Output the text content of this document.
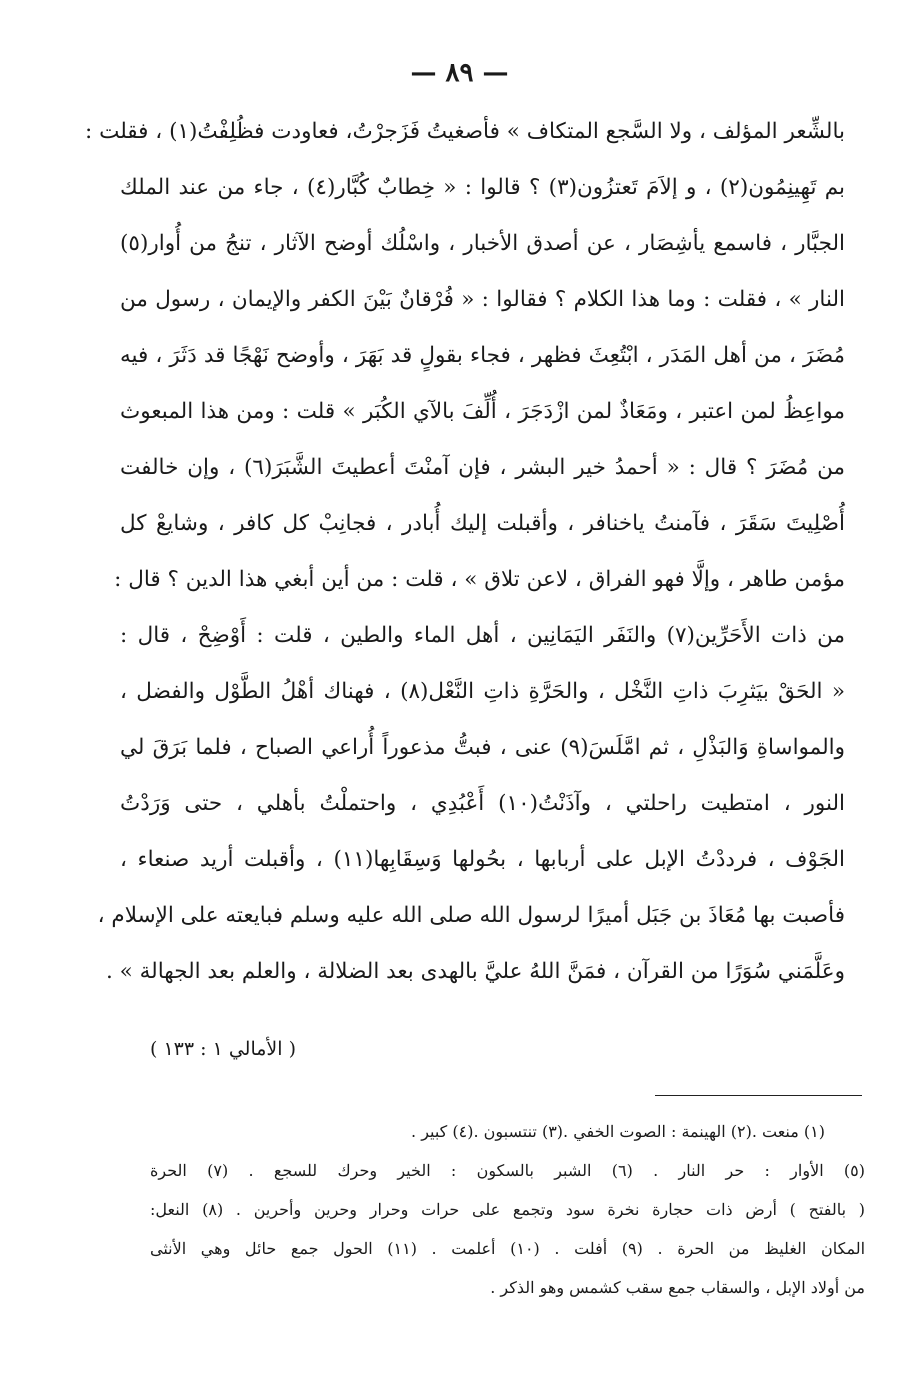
— ٨٩ —
بالشِّعر المؤلف ، ولا السَّجع المتكاف » فأصغيتُ فَزَجرْتُ، فعاودت فظُلِفْتُ(١) ، فقلت :
بم تَهِينِمُون(٢) ، و إلاَمَ تَعتزُون(٣) ؟ قالوا : « خِطابٌ كُبَّار(٤) ، جاء من عند الملك
الجبَّار ، فاسمع يأشِصَار ، عن أصدق الأخبار ، واسْلُك أوضح الآثار ، تنجُ من أُوار(٥)
النار » ، فقلت : وما هذا الكلام ؟ فقالوا : « فُرْقانٌ بَيْنَ الكفر والإيمان ، رسول من
مُضَرَ ، من أهل المَدَر ، ابْتُعِثَ فظهر ، فجاء بقولٍ قد بَهَرَ ، وأوضح نَهْجًا قد دَثَرَ ، فيه
مواعِظُ لمن اعتبر ، ومَعَاذٌ لمن ازْدَجَرَ ، أُلِّفَ بالآي الكُبَر » قلت : ومن هذا المبعوث
من مُضَرَ ؟ قال : « أحمدُ خير البشر ، فإن آمنْتَ أعطيتَ الشَّبَرَ(٦) ، وإن خالفت
أُصْلِيتَ سَقَرَ ، فآمنتُ ياخنافر ، وأقبلت إليك أُبادر ، فجانِبْ كل كافر ، وشايعْ كل
مؤمن طاهر ، وإلَّا فهو الفراق ، لاعن تلاق » ، قلت : من أين أبغي هذا الدين ؟ قال :
من ذات الأَحَرِّين(٧) والنَفَر اليَمَانِين ، أهل الماء والطين ، قلت : أَوْضِحْ ، قال :
« الحَقْ بيَثرِبَ ذاتِ النَّخْل ، والحَرَّةِ ذاتِ النَّعْل(٨) ، فهناك أهْلُ الطَّوْل والفضل ،
والمواساةِ وَالبَذْلِ ، ثم امَّلَسَ(٩) عنى ، فبتُّ مذعوراً أُراعي الصباح ، فلما بَرَقَ لي
النور ، امتطيت راحلتي ، وآذَنْتُ(١٠) أَعْبُدِي ، واحتملْتُ بأهلي ، حتى وَرَدْتُ
الجَوْف ، فرددْتُ الإبل على أربابها ، بحُولها وَسِقَابِها(١١) ، وأقبلت أريد صنعاء ،
فأصبت بها مُعَاذَ بن جَبَل أميرًا لرسول الله صلى الله عليه وسلم فبايعته على الإسلام ،
وعَلَّمَني سُوَرًا من القرآن ، فمَنَّ اللهُ عليَّ بالهدى بعد الضلالة ، والعلم بعد الجهالة » .
( الأمالي ١ : ١٣٣ )
(١) منعت .
(٢) الهينمة : الصوت الخفي .
(٣) تنتسبون .
(٤) كبير .
(٥) الأوار : حر النار . (٦) الشبر بالسكون : الخير وحرك للسجع . (٧) الحرة
( بالفتح ) أرض ذات حجارة نخرة سود وتجمع على حرات وحرار وحرين وأحرين . (٨) النعل:
المكان الغليظ من الحرة . (٩) أفلت . (١٠) أعلمت . (١١) الحول جمع حائل وهي الأنثى
من أولاد الإبل ، والسقاب جمع سقب كشمس وهو الذكر .
